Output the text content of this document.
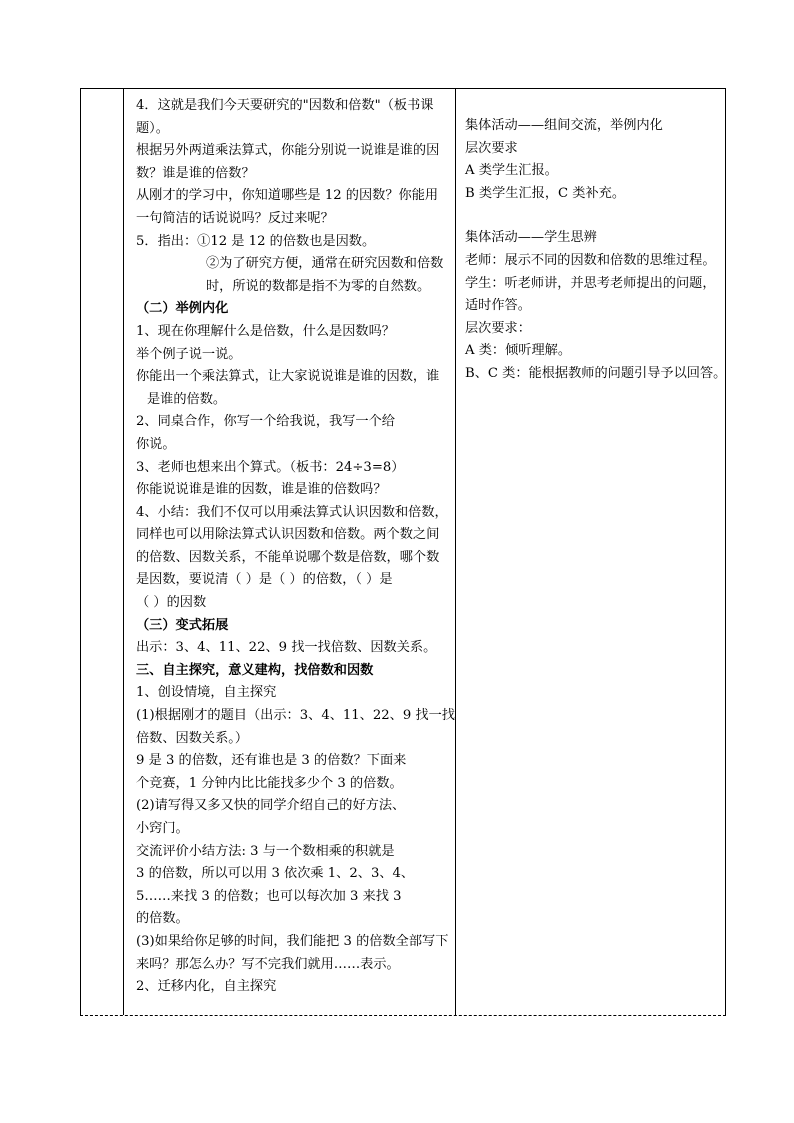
4．这就是我们今天要研究的"因数和倍数"（板书课

题）。

根据另外两道乘法算式，你能分别说一说谁是谁的因

数？谁是谁的倍数？

从刚才的学习中，你知道哪些是 12 的因数？你能用

一句简洁的话说说吗？反过来呢？

5．指出：①12 是 12 的倍数也是因数。

②为了研究方便，通常在研究因数和倍数

时，所说的数都是指不为零的自然数。

（二）举例内化

1、现在你理解什么是倍数，什么是因数吗？

举个例子说一说。

你能出一个乘法算式，让大家说说谁是谁的因数，谁

是谁的倍数。

2、同桌合作，你写一个给我说，我写一个给

你说。

3、老师也想来出个算式。（板书：24÷3=8）

你能说说谁是谁的因数，谁是谁的倍数吗？

4、小结：我们不仅可以用乘法算式认识因数和倍数，

同样也可以用除法算式认识因数和倍数。两个数之间

的倍数、因数关系，不能单说哪个数是倍数，哪个数

是因数，要说清（ ）是（ ）的倍数，（ ）是

（ ）的因数

（三）变式拓展

出示：3、4、11、22、9 找一找倍数、因数关系。

三、自主探究，意义建构，找倍数和因数

1、创设情境，自主探究

(1)根据刚才的题目（出示：3、4、11、22、9 找一找

倍数、因数关系。）

9 是 3 的倍数，还有谁也是 3 的倍数？下面来

个竞赛，1 分钟内比比能找多少个 3 的倍数。

(2)请写得又多又快的同学介绍自己的好方法、

小窍门。

交流评价小结方法: 3 与一个数相乘的积就是

3 的倍数，所以可以用 3 依次乘 1、2、3、4、

5……来找 3 的倍数；也可以每次加 3 来找 3

的倍数。

(3)如果给你足够的时间，我们能把 3 的倍数全部写下

来吗？那怎么办？写不完我们就用……表示。

2、迁移内化，自主探究

集体活动——组间交流，举例内化

层次要求

A 类学生汇报。

B 类学生汇报，C 类补充。

集体活动——学生思辨

老师：展示不同的因数和倍数的思维过程。

学生：听老师讲，并思考老师提出的问题，

适时作答。

层次要求：

A 类：倾听理解。

B、C 类：能根据教师的问题引导予以回答。
